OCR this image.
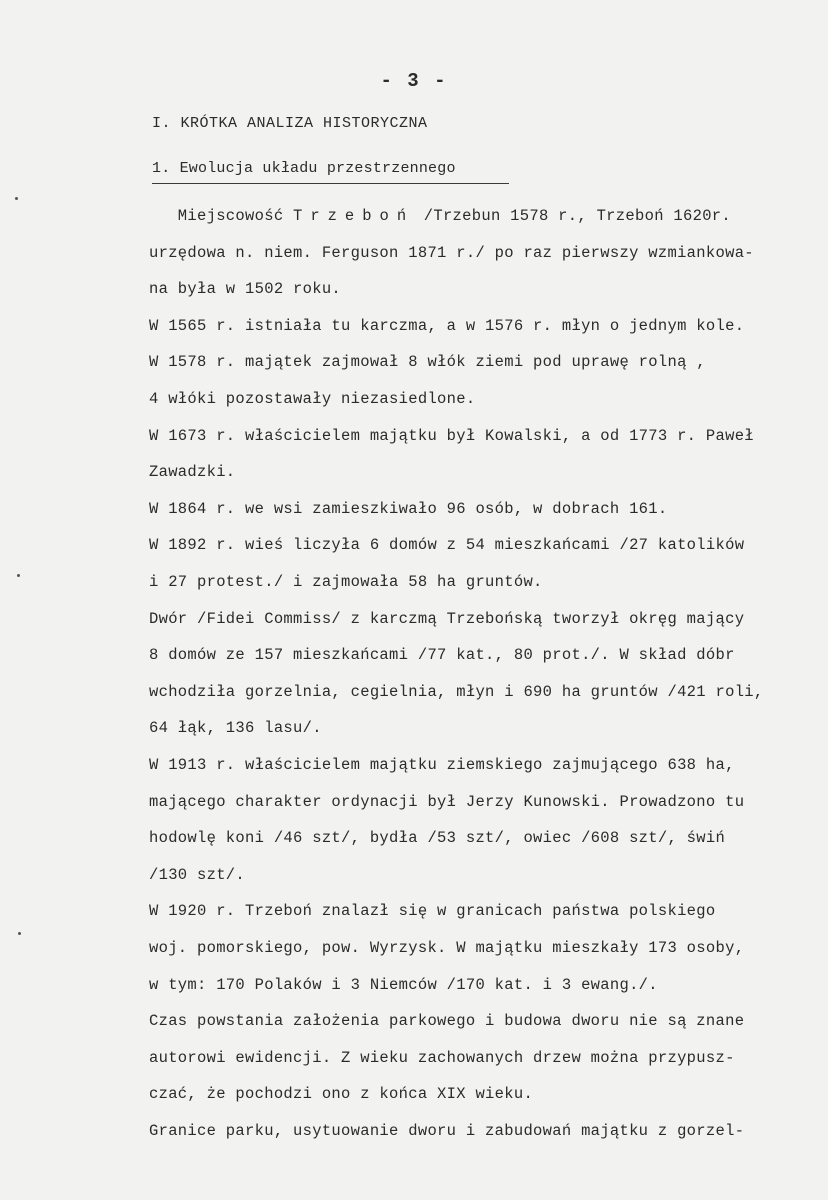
- 3 -
I. KRÓTKA ANALIZA HISTORYCZNA
1. Ewolucja układu przestrzennego
Miejscowość Trzeboń /Trzebun 1578 r., Trzeboń 1620r.
urzędowa n. niem. Ferguson 1871 r./ po raz pierwszy wzmiankowa-
na była w 1502 roku.
W 1565 r. istniała tu karczma, a w 1576 r. młyn o jednym kole.
W 1578 r. majątek zajmował 8 włók ziemi pod uprawę rolną ,
4 włóki pozostawały niezasiedlone.
W 1673 r. właścicielem majątku był Kowalski, a od 1773 r. Paweł
Zawadzki.
W 1864 r. we wsi zamieszkiwało 96 osób, w dobrach 161.
W 1892 r. wieś liczyła 6 domów z 54 mieszkańcami /27 katolików
i 27 protest./ i zajmowała 58 ha gruntów.
Dwór /Fidei Commiss/ z karczmą Trzebońską tworzył okręg mający
8 domów ze 157 mieszkańcami /77 kat., 80 prot./. W skład dóbr
wchodziła gorzelnia, cegielnia, młyn i 690 ha gruntów /421 roli,
64 łąk, 136 lasu/.
W 1913 r. właścicielem majątku ziemskiego zajmującego 638 ha,
mającego charakter ordynacji był Jerzy Kunowski. Prowadzono tu
hodowlę koni /46 szt/, bydła /53 szt/, owiec /608 szt/, świń
/130 szt/.
W 1920 r. Trzeboń znalazł się w granicach państwa polskiego
woj. pomorskiego, pow. Wyrzysk. W majątku mieszkały 173 osoby,
w tym: 170 Polaków i 3 Niemców /170 kat. i 3 ewang./.
Czas powstania założenia parkowego i budowa dworu nie są znane
autorowi ewidencji. Z wieku zachowanych drzew można przypusz-
czać, że pochodzi ono z końca XIX wieku.
Granice parku, usytuowanie dworu i zabudowań majątku z gorzel-
